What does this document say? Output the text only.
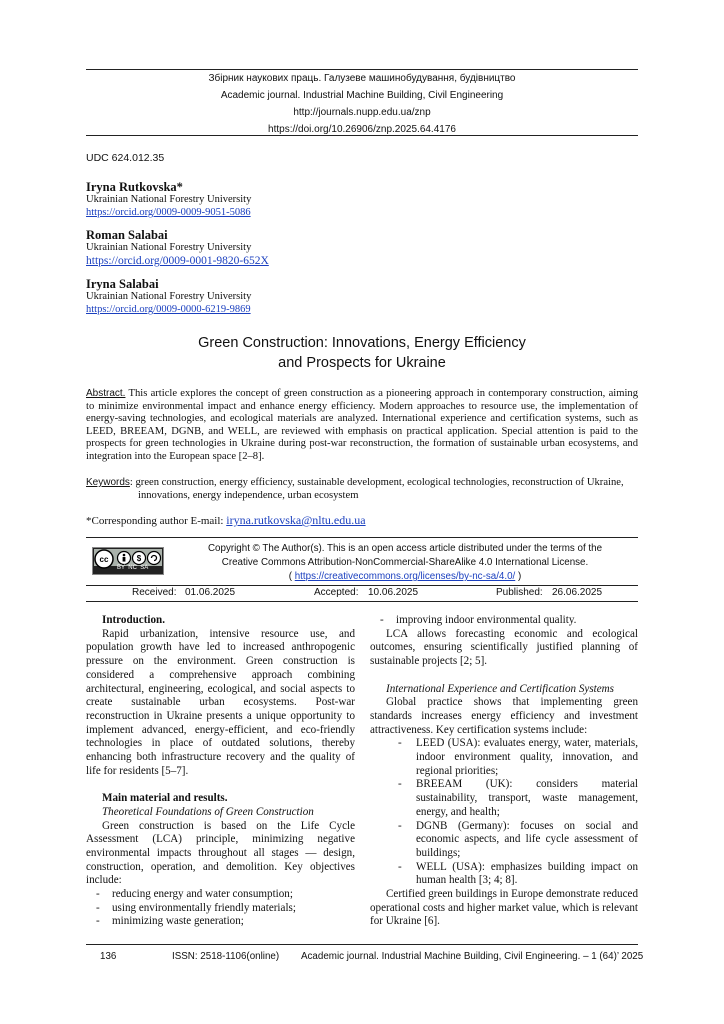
Збірник наукових праць. Галузеве машинобудування, будівництво
Academic journal. Industrial Machine Building, Civil Engineering
http://journals.nupp.edu.ua/znp
https://doi.org/10.26906/znp.2025.64.4176
UDC 624.012.35
Iryna Rutkovska*
Ukrainian National Forestry University
https://orcid.org/0009-0009-9051-5086
Roman Salabai
Ukrainian National Forestry University
https://orcid.org/0009-0001-9820-652X
Iryna Salabai
Ukrainian National Forestry University
https://orcid.org/0009-0000-6219-9869
Green Construction: Innovations, Energy Efficiency
and Prospects for Ukraine
Abstract. This article explores the concept of green construction as a pioneering approach in contemporary construction, aiming to minimize environmental impact and enhance energy efficiency. Modern approaches to resource use, the implementation of energy-saving technologies, and ecological materials are analyzed. International experience and certification systems, such as LEED, BREEAM, DGNB, and WELL, are reviewed with emphasis on practical application. Special attention is paid to the prospects for green technologies in Ukraine during post-war reconstruction, the formation of sustainable urban ecosystems, and integration into the European space [2–8].
Keywords: green construction, energy efficiency, sustainable development, ecological technologies, reconstruction of Ukraine,
innovations, energy independence, urban ecosystem
*Corresponding author E-mail: iryna.rutkovska@nltu.edu.ua
cc	$
BY  NC  SA
Copyright © The Author(s). This is an open access article distributed under the terms of the
Creative Commons Attribution-NonCommercial-ShareAlike 4.0 International License.
( https://creativecommons.org/licenses/by-nc-sa/4.0/ )
Received: 01.06.2025	Accepted: 10.06.2025	Published: 26.06.2025

Introduction.

Rapid urbanization, intensive resource use, and population growth have led to increased anthropogenic pressure on the environment. Green construction is considered a comprehensive approach combining architectural, engineering, ecological, and social aspects to create sustainable urban ecosystems. Post-war reconstruction in Ukraine presents a unique opportunity to implement advanced, energy-efficient, and eco-friendly technologies in place of outdated solutions, thereby enhancing both infrastructure recovery and the quality of life for residents [5–7].

Main material and results.

Theoretical Foundations of Green Construction

Green construction is based on the Life Cycle Assessment (LCA) principle, minimizing negative environmental impacts throughout all stages — design, construction, operation, and demolition. Key objectives include:

- reducing energy and water consumption;
- using environmentally friendly materials;
- minimizing waste generation;
- improving indoor environmental quality.

LCA allows forecasting economic and ecological outcomes, ensuring scientifically justified planning of sustainable projects [2; 5].

International Experience and Certification Systems

Global practice shows that implementing green standards increases energy efficiency and investment attractiveness. Key certification systems include:

- LEED (USA): evaluates energy, water, materials, indoor environment quality, innovation, and regional priorities;
- BREEAM (UK): considers material sustainability, transport, waste management, energy, and health;
- DGNB (Germany): focuses on social and economic aspects, and life cycle assessment of buildings;
- WELL (USA): emphasizes building impact on human health [3; 4; 8].

Certified green buildings in Europe demonstrate reduced operational costs and higher market value, which is relevant for Ukraine [6].

136	ISSN: 2518-1106(online) Academic journal. Industrial Machine Building, Civil Engineering. – 1 (64)’ 2025
